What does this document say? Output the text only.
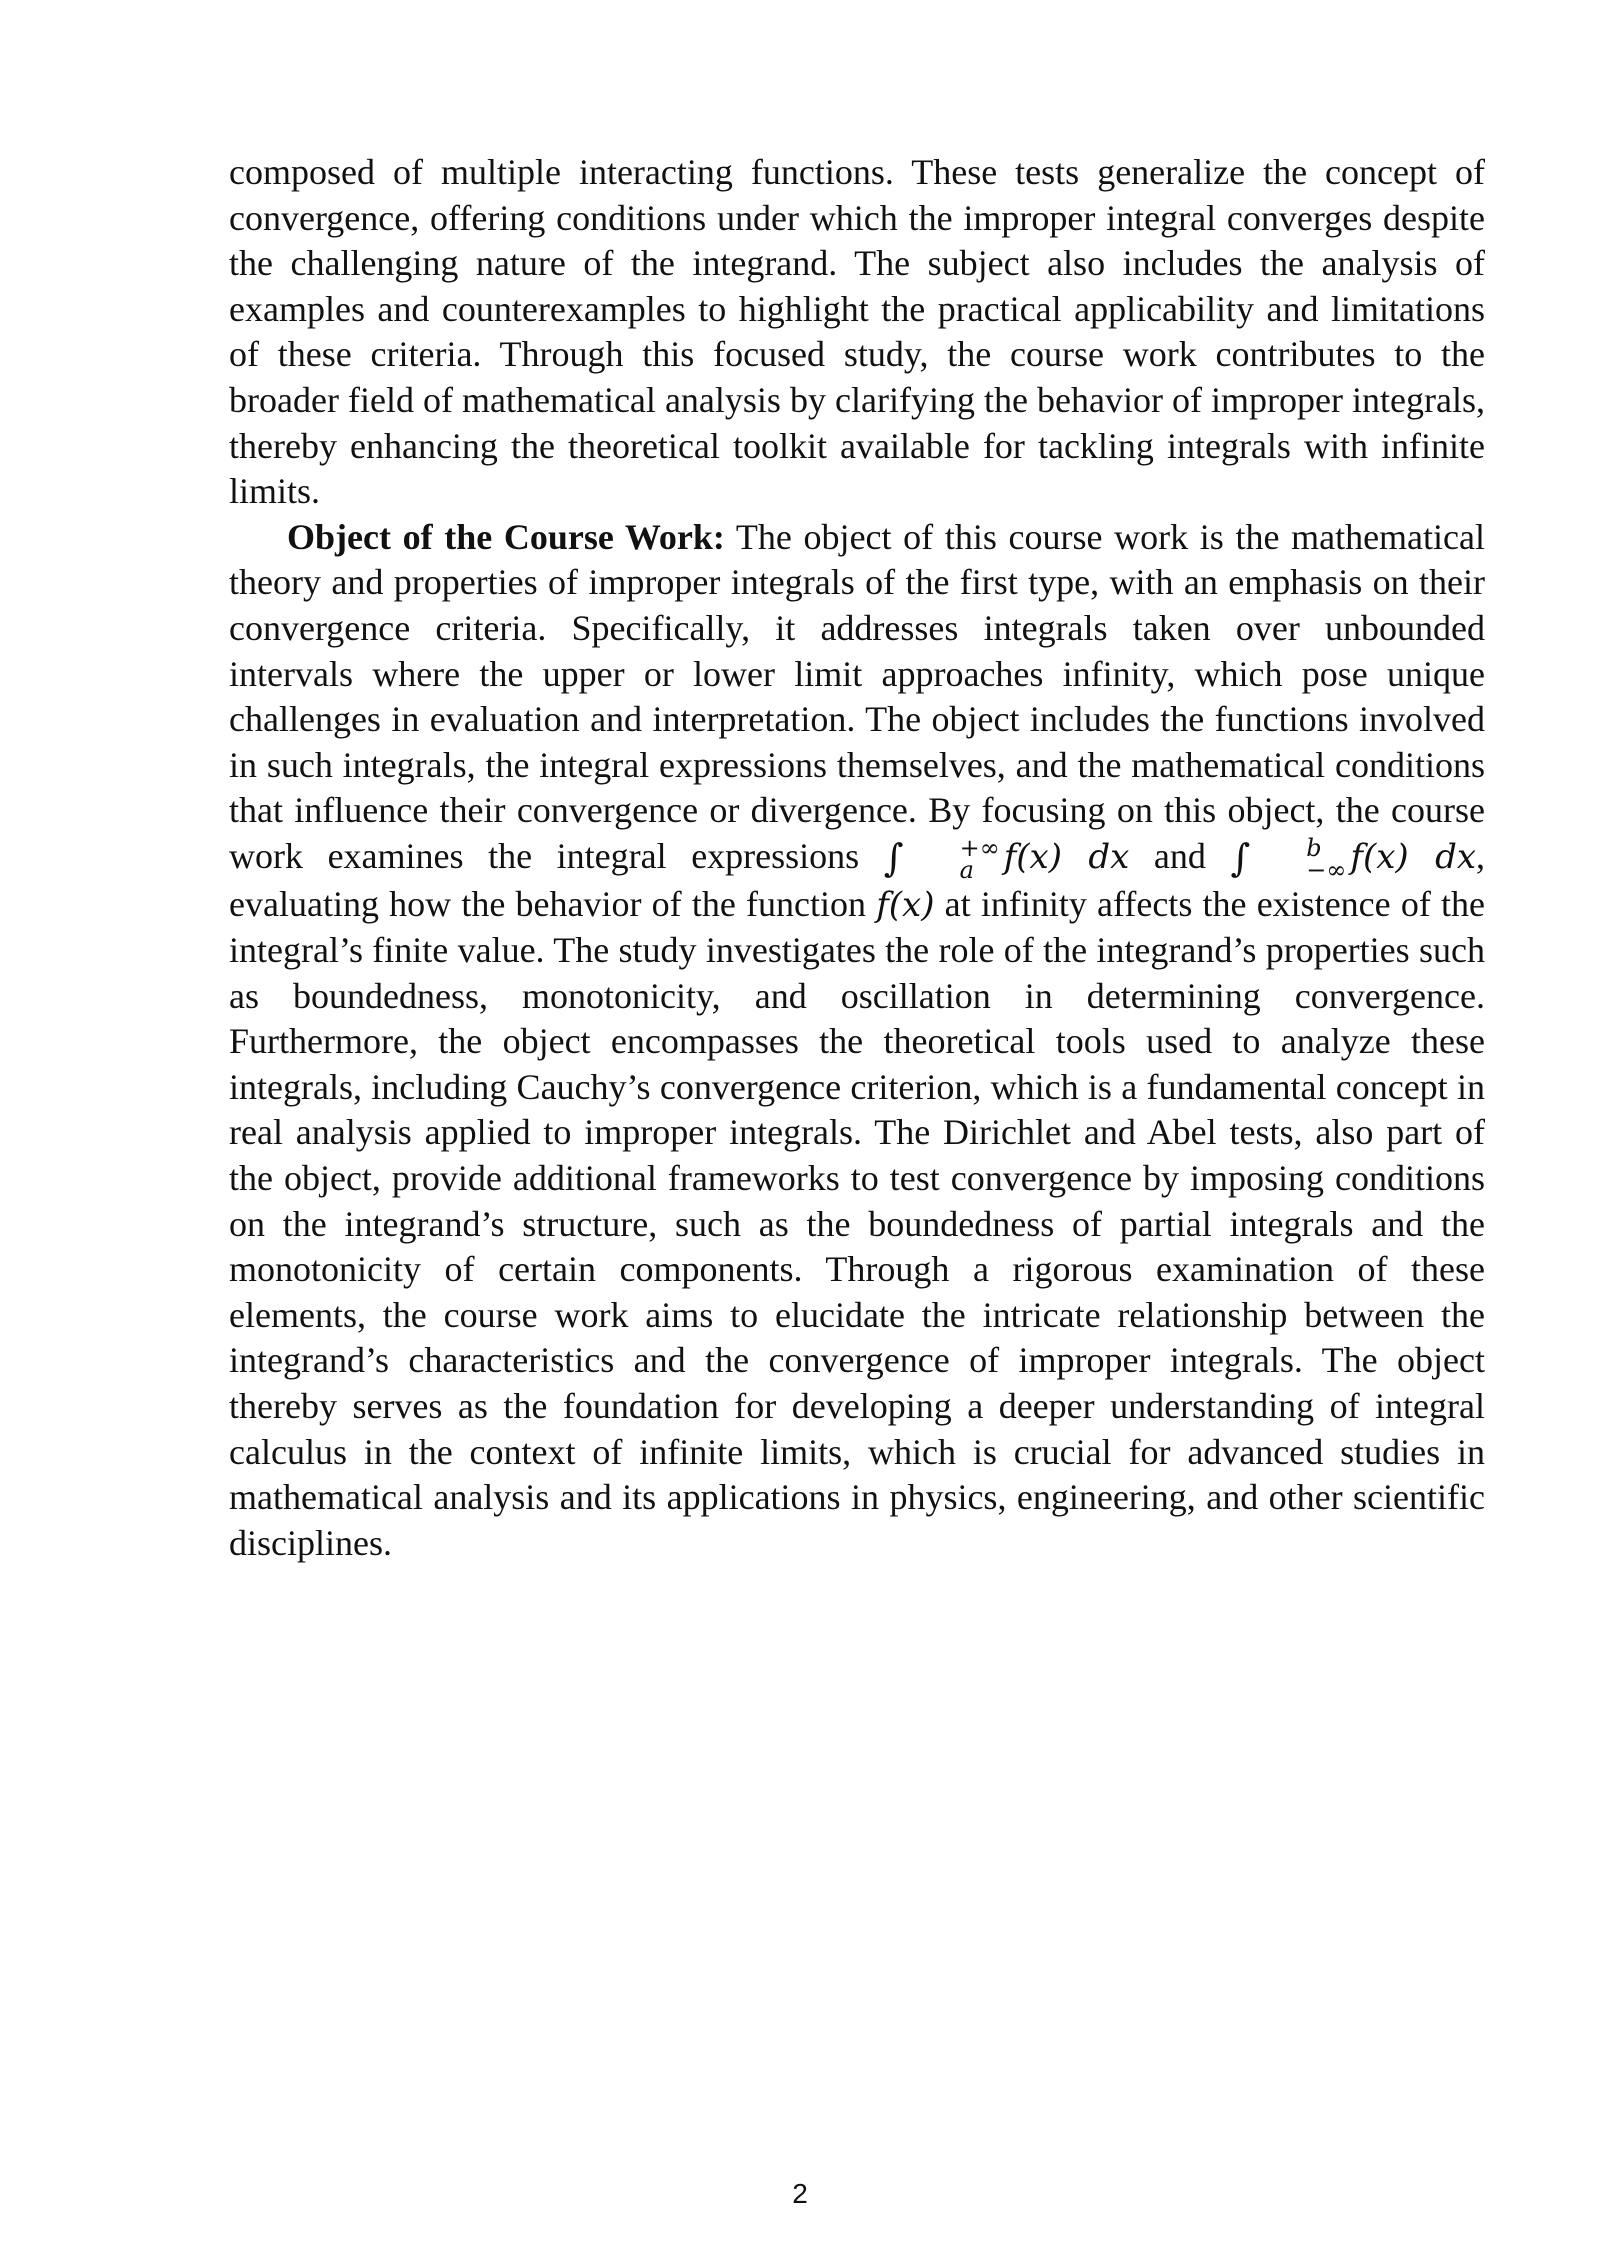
composed of multiple interacting functions. These tests generalize the concept of convergence, offering conditions under which the improper integral converges despite the challenging nature of the integrand. The subject also includes the analysis of examples and counterexamples to highlight the practical applicability and limitations of these criteria. Through this focused study, the course work contributes to the broader field of mathematical analysis by clarifying the behavior of improper integrals, thereby enhancing the theoretical toolkit available for tackling integrals with infinite limits.

Object of the Course Work: The object of this course work is the mathematical theory and properties of improper integrals of the first type, with an emphasis on their convergence criteria. Specifically, it addresses integrals taken over unbounded intervals where the upper or lower limit approaches infinity, which pose unique challenges in evaluation and interpretation. The object includes the functions involved in such integrals, the integral expressions themselves, and the mathematical conditions that influence their convergence or divergence. By focusing on this object, the course work examines the integral expressions ∫	+∞
a f(x) dx and ∫	b
−∞ f(x) dx, evaluating how the behavior of the function f(x) at infinity affects the existence of the integral’s finite value. The study investigates the role of the integrand’s properties such as boundedness, monotonicity, and oscillation in determining convergence. Furthermore, the object encompasses the theoretical tools used to analyze these integrals, including Cauchy’s convergence criterion, which is a fundamental concept in real analysis applied to improper integrals. The Dirichlet and Abel tests, also part of the object, provide additional frameworks to test convergence by imposing conditions on the integrand’s structure, such as the boundedness of partial integrals and the monotonicity of certain components. Through a rigorous examination of these elements, the course work aims to elucidate the intricate relationship between the integrand’s characteristics and the convergence of improper integrals. The object thereby serves as the foundation for developing a deeper understanding of integral calculus in the context of infinite limits, which is crucial for advanced studies in mathematical analysis and its applications in physics, engineering, and other scientific disciplines.

2
